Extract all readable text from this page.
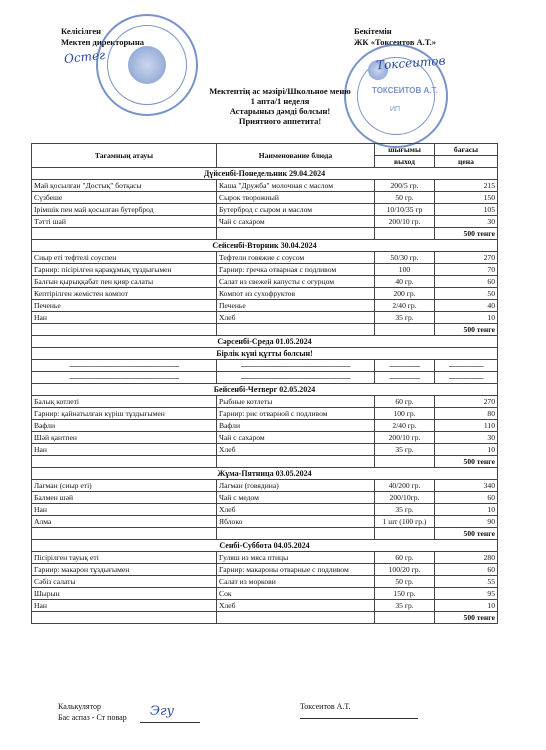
Келісілген
Мектеп директорына
Бекітемін
ЖК «Токсеитов А.Т.»
Ocтег
ТОКСЕИТОВ А.Т.
ИП
Токсеитов
Мектептің ас мәзірі/Школьное меню
1 апта/1 неделя
Астарыныз дәмді болсын!
Приятного аппетита!
Тағамның атауы	Наименование блюда	шығымы	бағасы
		выход	цена
Дүйсенбі-Понедельник 29.04.2024			
Май қосылған "Достық" ботқасы	Каша "Дружба" молочная с маслом	200/5 гр.	215
Сүзбеше	Сырок творожный	50 гр.	150
Ірімшік пен май қосылған бутерброд	Бутерброд с сыром и маслом	10/10/35 гр	105
Тәтті шай	Чай с сахаром	200/10 гр.	30
			500 тенге
Сейсенбі-Вторник 30.04.2024			
Сиыр еті тефтелі соуспен	Тефтели говяжие с соусом	50/30 гр.	270
Гарнир: пісірілген қарақұмық тұздығымен	Гарнир: гречка отварная с подливом	100	70
Балғын қырыққабат пен қияр салаты	Салат из свежей капусты с огурцом	40 гр.	60
Кептірілген жемістен компот	Компот из сухофруктов	200 гр.	50
Печенье	Печенье	2/40 гр.	40
Нан	Хлеб	35 гр.	10
			500 тенге
Сәрсенбі-Среда 01.05.2024			
Бірлік күні құтты болсын!			
------------------------------------------------------	------------------------------------------------------	---------------	-----------------
------------------------------------------------------	------------------------------------------------------	---------------	-----------------
Бейсенбі-Четверг 02.05.2024			
Балық котлеті	Рыбные котлеты	60 гр.	270
Гарнир: қайнатылған күріш тұздығымен	Гарнир: рис отварной с подливом	100 гр.	80
Вафли	Вафли	2/40 гр.	110
Шәй қантпен	Чай с сахаром	200/10 гр.	30
Нан	Хлеб	35 гр.	10
			500 тенге
Жұма-Пятница 03.05.2024			
Лагман (сиыр еті)	Лагман (говядина)	40/200 гр.	340
Балмен шәй	Чай с медом	200/10гр.	60
Нан	Хлеб	35 гр.	10
Алма	Яблоко	1 шт (100 гр.)	90
			500 тенге
Сенбі-Суббота 04.05.2024			
Пісірілген тауық еті	Гуляш из мяса птицы	60 гр.	280
Гарнир: макарон тұздығымен	Гарнир: макароны отварные с подливом	100/20 гр.	60
Сәбіз салаты	Салат из моркови	50 гр.	55
Шырын	Сок	150 гр.	95
Нан	Хлеб	35 гр.	10
			500 тенге
Калькулятор
Бас аспаз - Ст повар Эгу	Токсеитов А.Т.
